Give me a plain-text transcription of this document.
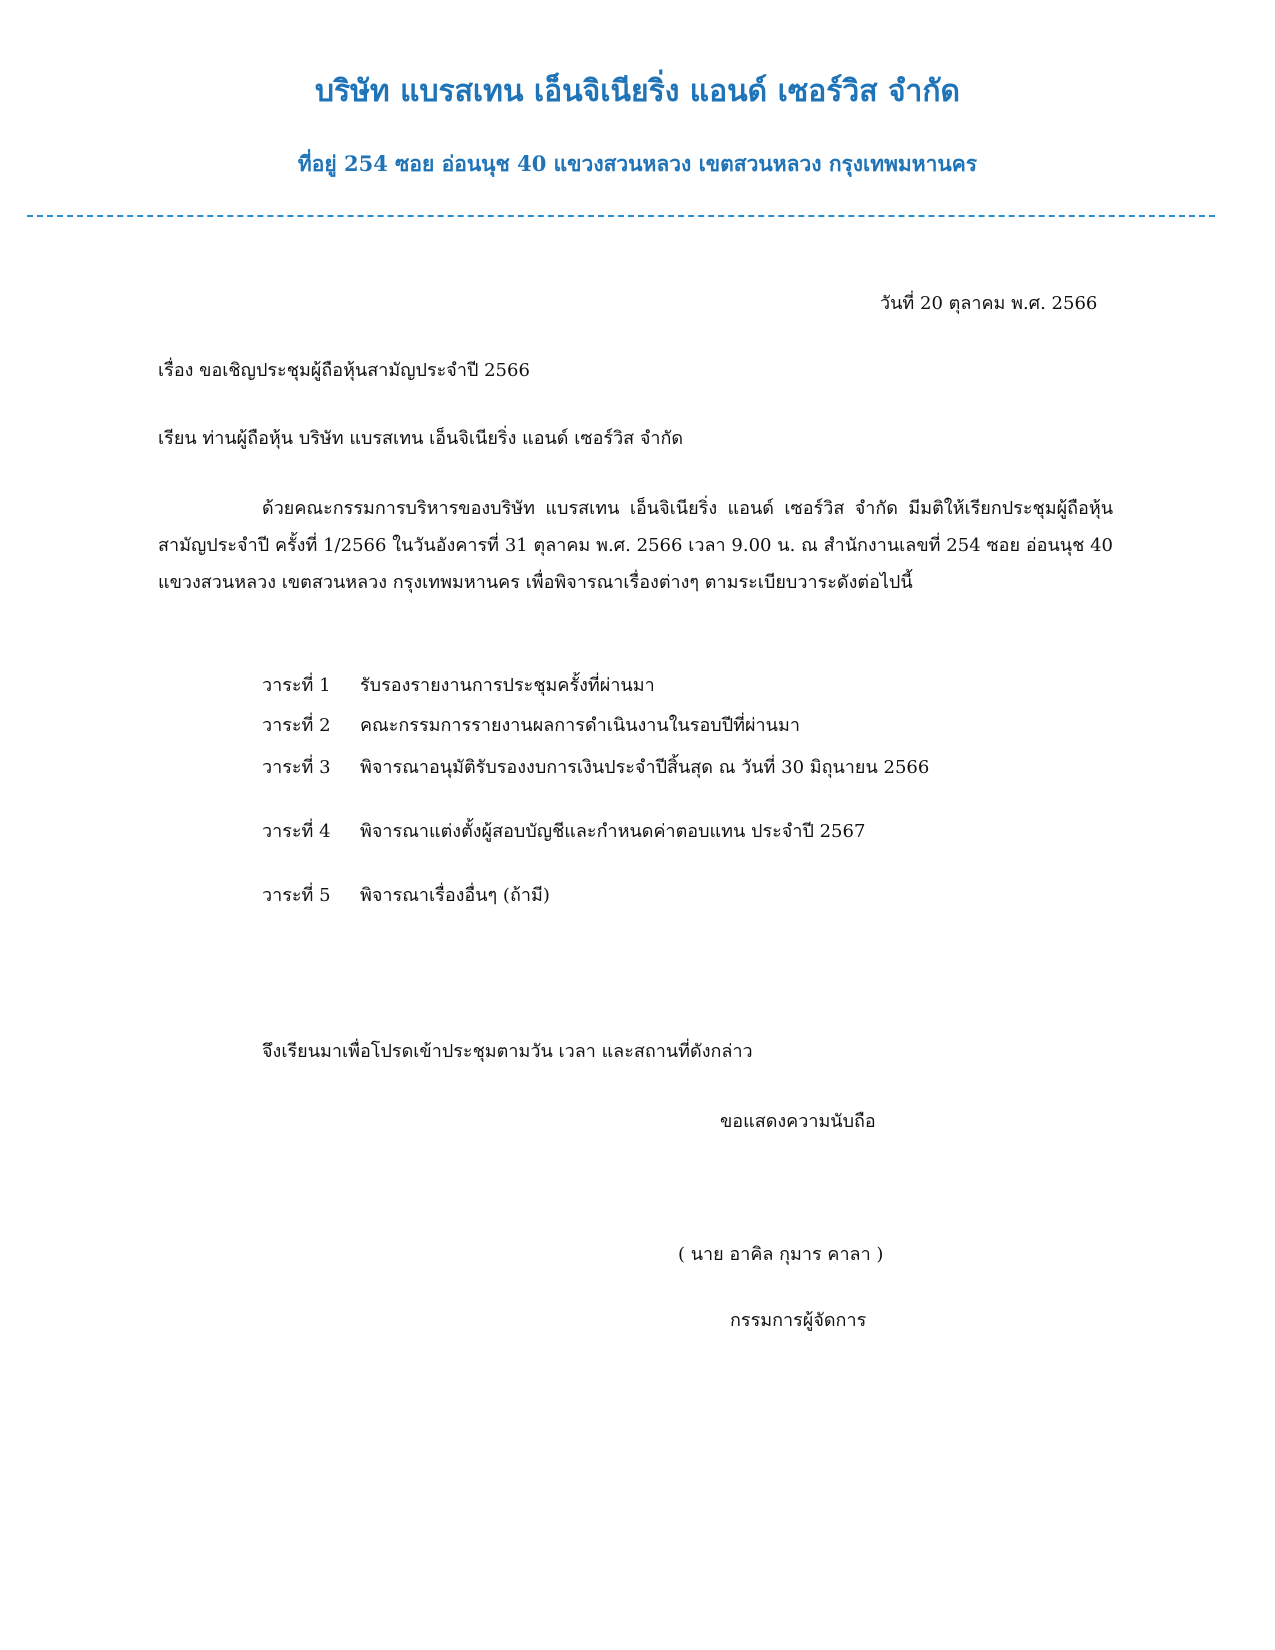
บริษัท แบรสเทน เอ็นจิเนียริ่ง แอนด์ เซอร์วิส จำกัด
ที่อยู่ 254 ซอย อ่อนนุช 40 แขวงสวนหลวง เขตสวนหลวง กรุงเทพมหานคร
วันที่ 20 ตุลาคม พ.ศ. 2566
เรื่อง ขอเชิญประชุมผู้ถือหุ้นสามัญประจำปี 2566
เรียน ท่านผู้ถือหุ้น บริษัท แบรสเทน เอ็นจิเนียริ่ง แอนด์ เซอร์วิส จำกัด
ด้วยคณะกรรมการบริหารของบริษัท แบรสเทน เอ็นจิเนียริ่ง แอนด์ เซอร์วิส จำกัด มีมติให้เรียกประชุมผู้ถือหุ้นสามัญประจำปี ครั้งที่ 1/2566 ในวันอังคารที่ 31 ตุลาคม พ.ศ. 2566 เวลา 9.00 น. ณ สำนักงานเลขที่ 254 ซอย อ่อนนุช 40 แขวงสวนหลวง เขตสวนหลวง กรุงเทพมหานคร เพื่อพิจารณาเรื่องต่างๆ ตามระเบียบวาระดังต่อไปนี้
วาระที่ 1 รับรองรายงานการประชุมครั้งที่ผ่านมา
วาระที่ 2 คณะกรรมการรายงานผลการดำเนินงานในรอบปีที่ผ่านมา
วาระที่ 3 พิจารณาอนุมัติรับรองงบการเงินประจำปีสิ้นสุด ณ วันที่ 30 มิถุนายน 2566
วาระที่ 4 พิจารณาแต่งตั้งผู้สอบบัญชีและกำหนดค่าตอบแทน ประจำปี 2567
วาระที่ 5 พิจารณาเรื่องอื่นๆ (ถ้ามี)
จึงเรียนมาเพื่อโปรดเข้าประชุมตามวัน เวลา และสถานที่ดังกล่าว
ขอแสดงความนับถือ
( นาย อาคิล กุมาร คาลา )
กรรมการผู้จัดการ
